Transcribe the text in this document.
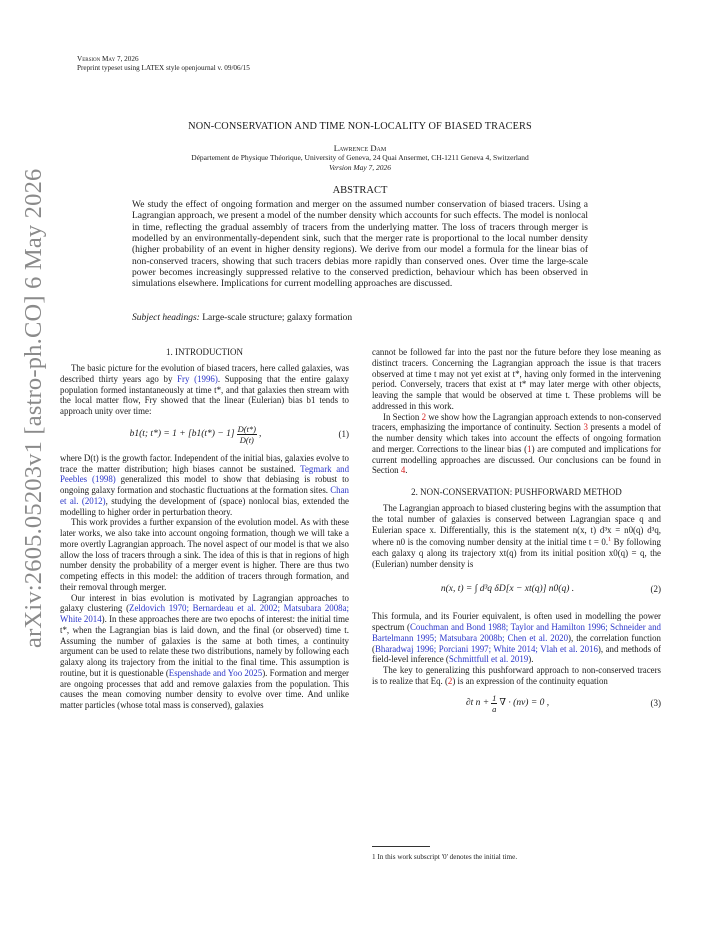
arXiv:2605.05203v1 [astro-ph.CO] 6 May 2026
Version May 7, 2026
Preprint typeset using LATEX style openjournal v. 09/06/15
NON-CONSERVATION AND TIME NON-LOCALITY OF BIASED TRACERS
Lawrence Dam
Département de Physique Théorique, University of Geneva, 24 Quai Ansermet, CH-1211 Geneva 4, Switzerland
Version May 7, 2026
ABSTRACT
We study the effect of ongoing formation and merger on the assumed number conservation of biased tracers. Using a Lagrangian approach, we present a model of the number density which accounts for such effects. The model is nonlocal in time, reflecting the gradual assembly of tracers from the underlying matter. The loss of tracers through merger is modelled by an environmentally-dependent sink, such that the merger rate is proportional to the local number density (higher probability of an event in higher density regions). We derive from our model a formula for the linear bias of non-conserved tracers, showing that such tracers debias more rapidly than conserved ones. Over time the large-scale power becomes increasingly suppressed relative to the conserved prediction, behaviour which has been observed in simulations elsewhere. Implications for current modelling approaches are discussed.
Subject headings: Large-scale structure; galaxy formation
1. INTRODUCTION

The basic picture for the evolution of biased tracers, here called galaxies, was described thirty years ago by Fry (1996). Supposing that the entire galaxy population formed instantaneously at time t*, and that galaxies then stream with the local matter flow, Fry showed that the linear (Eulerian) bias b1 tends to approach unity over time:

b1(t; $t*) = 1 + [b1(t*) - 1] \frac{D(t*)}{D(t)}$ ,	(1)

where D(t) is the growth factor. Independent of the initial bias, galaxies evolve to trace the matter distribution; high biases cannot be sustained. Tegmark and Peebles (1998) generalized this model to show that debiasing is robust to ongoing galaxy formation and stochastic fluctuations at the formation sites. Chan et al. (2012), studying the development of (space) nonlocal bias, extended the modelling to higher order in perturbation theory.

This work provides a further expansion of the evolution model. As with these later works, we also take into account ongoing formation, though we will take a more overtly Lagrangian approach. The novel aspect of our model is that we also allow the loss of tracers through a sink. The idea of this is that in regions of high number density the probability of a merger event is higher. There are thus two competing effects in this model: the addition of tracers through formation, and their removal through merger.

Our interest in bias evolution is motivated by Lagrangian approaches to galaxy clustering (Zeldovich 1970; Bernardeau et al. 2002; Matsubara 2008a; White 2014). In these approaches there are two epochs of interest: the initial time t*, when the Lagrangian bias is laid down, and the final (or observed) time t. Assuming the number of galaxies is the same at both times, a continuity argument can be used to relate these two distributions, namely by following each galaxy along its trajectory from the initial to the final time. This assumption is routine, but it is questionable (Espenshade and Yoo 2025). Formation and merger are ongoing processes that add and remove galaxies from the population. This causes the mean comoving number density to evolve over time. And unlike matter particles (whose total mass is conserved), galaxies

cannot be followed far into the past nor the future before they lose meaning as distinct tracers. Concerning the Lagrangian approach the issue is that tracers observed at time t may not yet exist at t*, having only formed in the intervening period. Conversely, tracers that exist at t* may later merge with other objects, leaving the sample that would be observed at time t. These problems will be addressed in this work.

In Section 2 we show how the Lagrangian approach extends to non-conserved tracers, emphasizing the importance of continuity. Section 3 presents a model of the number density which takes into account the effects of ongoing formation and merger. Corrections to the linear bias (1) are computed and implications for current modelling approaches are discussed. Our conclusions can be found in Section 4.

2. NON-CONSERVATION: PUSHFORWARD METHOD

The Lagrangian approach to biased clustering begins with the assumption that the total number of galaxies is conserved between Lagrangian space q and Eulerian space x. Differentially, this is the statement n(x, t) d³x = n0(q) d³q, where n0 is the comoving number density at the initial time t = 0.$^1$ By following each galaxy q along its trajectory xt(q) from its initial position x0(q) = q, the (Eulerian) number density is

n(x, t) = ∫ d³q δD[x − xt(q)] n0(q) .	(2)

This formula, and its Fourier equivalent, is often used in modelling the power spectrum (Couchman and Bond 1988; Taylor and Hamilton 1996; Schneider and Bartelmann 1995; Matsubara 2008b; Chen et al. 2020), the correlation function (Bharadwaj 1996; Porciani 1997; White 2014; Vlah et al. 2016), and methods of field-level inference (Schmittfull et al. 2019).

The key to generalizing this pushforward approach to non-conserved tracers is to realize that Eq. (2) is an expression of the continuity equation

∂t $n + \frac{1}{a}$ ∇ · (nv) = 0 ,	(3)
1 In this work subscript '0' denotes the initial time.
